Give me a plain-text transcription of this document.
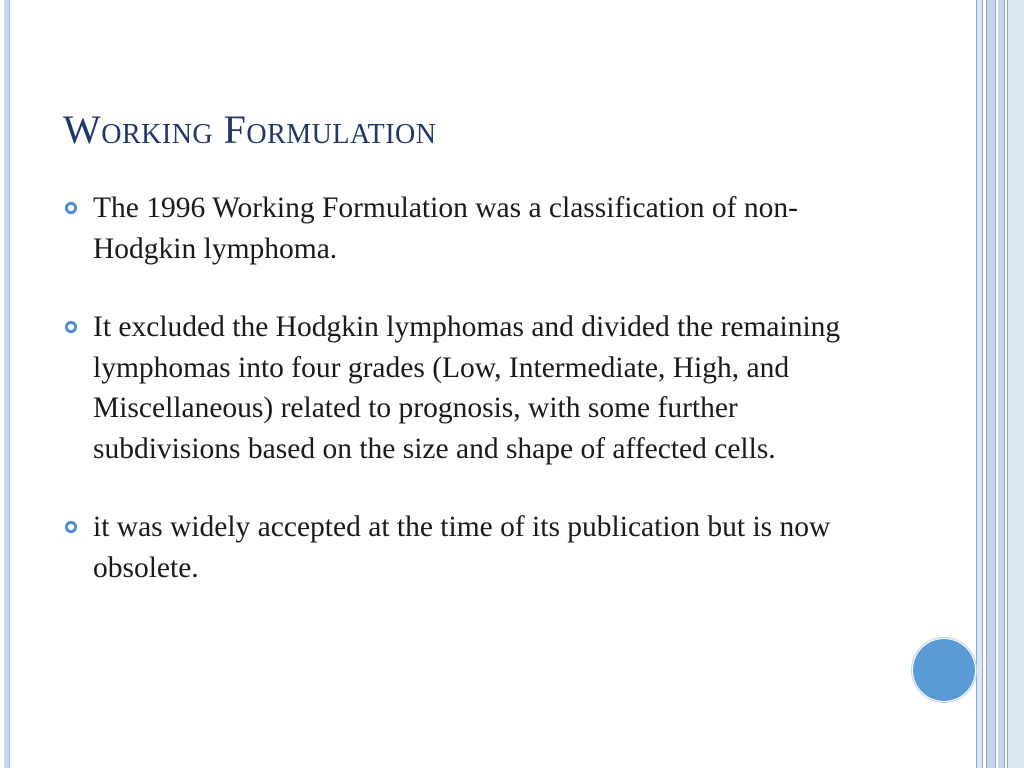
Working Formulation
The 1996 Working Formulation was a classification of non-Hodgkin lymphoma.
It excluded the Hodgkin lymphomas and divided the remaining lymphomas into four grades (Low, Intermediate, High, and Miscellaneous) related to prognosis, with some further subdivisions based on the size and shape of affected cells.
it was widely accepted at the time of its publication but is now obsolete.
